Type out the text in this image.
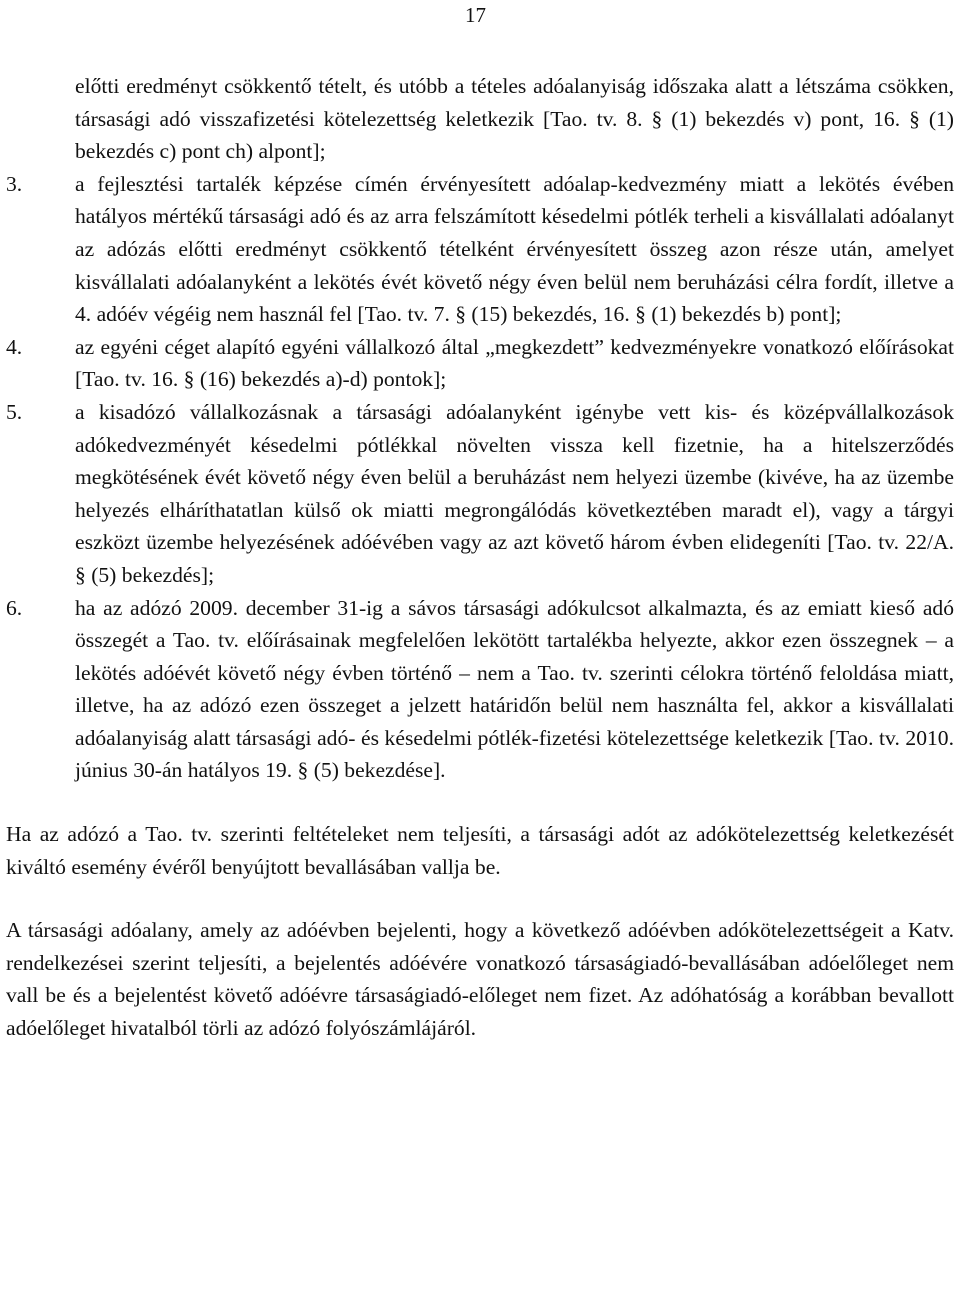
17
előtti eredményt csökkentő tételt, és utóbb a tételes adóalanyiság időszaka alatt a létszáma csökken, társasági adó visszafizetési kötelezettség keletkezik [Tao. tv. 8. § (1) bekezdés v) pont, 16. § (1) bekezdés c) pont ch) alpont];
3.	a fejlesztési tartalék képzése címén érvényesített adóalap-kedvezmény miatt a lekötés évében hatályos mértékű társasági adó és az arra felszámított késedelmi pótlék terheli a kisvállalati adóalanyt az adózás előtti eredményt csökkentő tételként érvényesített összeg azon része után, amelyet kisvállalati adóalanyként a lekötés évét követő négy éven belül nem beruházási célra fordít, illetve a 4. adóév végéig nem használ fel [Tao. tv. 7. § (15) bekezdés, 16. § (1) bekezdés b) pont];
4.	az egyéni céget alapító egyéni vállalkozó által „megkezdett” kedvezményekre vonatkozó előírásokat [Tao. tv. 16. § (16) bekezdés a)-d) pontok];
5.	a kisadózó vállalkozásnak a társasági adóalanyként igénybe vett kis- és középvállalkozások adókedvezményét késedelmi pótlékkal növelten vissza kell fizetnie, ha a hitelszerződés megkötésének évét követő négy éven belül a beruházást nem helyezi üzembe (kivéve, ha az üzembe helyezés elháríthatatlan külső ok miatti megrongálódás következtében maradt el), vagy a tárgyi eszközt üzembe helyezésének adóévében vagy az azt követő három évben elidegeníti [Tao. tv. 22/A. § (5) bekezdés];
6.	ha az adózó 2009. december 31-ig a sávos társasági adókulcsot alkalmazta, és az emiatt kieső adó összegét a Tao. tv. előírásainak megfelelően lekötött tartalékba helyezte, akkor ezen összegnek – a lekötés adóévét követő négy évben történő – nem a Tao. tv. szerinti célokra történő feloldása miatt, illetve, ha az adózó ezen összeget a jelzett határidőn belül nem használta fel, akkor a kisvállalati adóalanyiság alatt társasági adó- és késedelmi pótlék-fizetési kötelezettsége keletkezik [Tao. tv. 2010. június 30-án hatályos 19. § (5) bekezdése].

Ha az adózó a Tao. tv. szerinti feltételeket nem teljesíti, a társasági adót az adókötelezettség keletkezését kiváltó esemény évéről benyújtott bevallásában vallja be.

A társasági adóalany, amely az adóévben bejelenti, hogy a következő adóévben adókötelezettségeit a Katv. rendelkezései szerint teljesíti, a bejelentés adóévére vonatkozó társaságiadó-bevallásában adóelőleget nem vall be és a bejelentést követő adóévre társaságiadó-előleget nem fizet. Az adóhatóság a korábban bevallott adóelőleget hivatalból törli az adózó folyószámlájáról.
